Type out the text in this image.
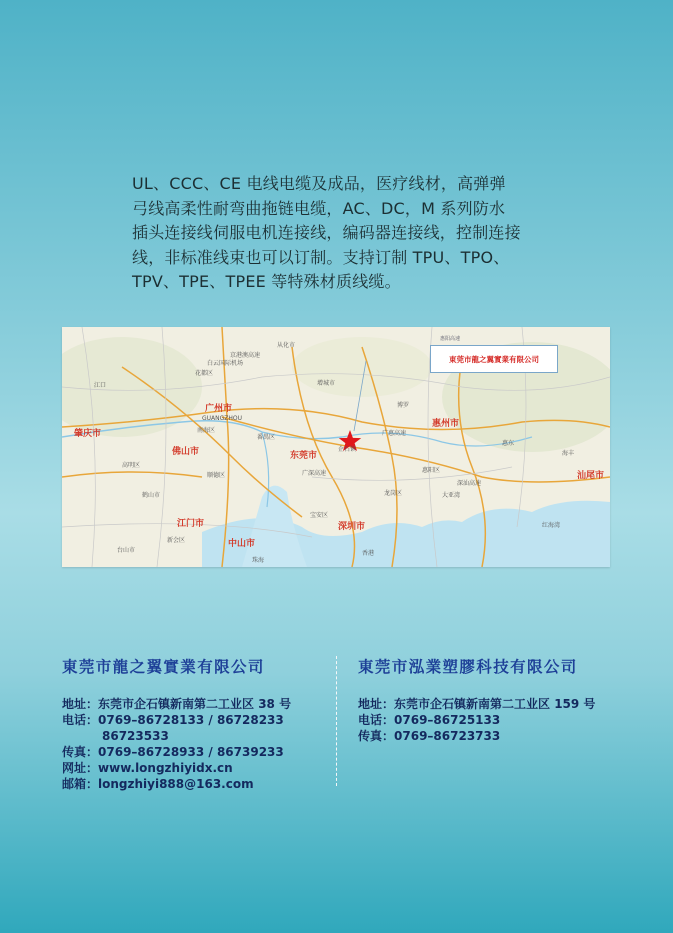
UL、CCC、CE 电线电缆及成品，医疗线材，高弹弹

弓线高柔性耐弯曲拖链电缆，AC、DC，M 系列防水

插头连接线伺服电机连接线，编码器连接线，控制连接

线，非标准线束也可以订制。支持订制 TPU、TPO、

TPV、TPE、TPEE 等特殊材质线缆。

广州市
GUANGZHOU
东莞市
惠州市
佛山市
肇庆市
江门市
中山市
深圳市
汕尾市
从化市
花都区
增城市
博罗
惠东
海丰
南海区
番禺区
顺德区
龙岗区
宝安区
企石镇
高明区
鹤山市
新会区
台山市
惠阳区
大亚湾
香港
红海湾
深汕高速
广惠高速
广深高速
京港澳高速
白云国际机场
江口
珠海
惠阳高速
東莞市龍之翼實業有限公司
東莞市龍之翼實業有限公司
地址：东莞市企石镇新南第二工业区 38 号
电话：0769–86728133 / 86728233
86723533
传真：0769–86728933 / 86739233
网址：www.longzhiyidx.cn
邮箱：longzhiyi888@163.com
東莞市泓業塑膠科技有限公司
地址：东莞市企石镇新南第二工业区 159 号
电话：0769–86725133
传真：0769–86723733
